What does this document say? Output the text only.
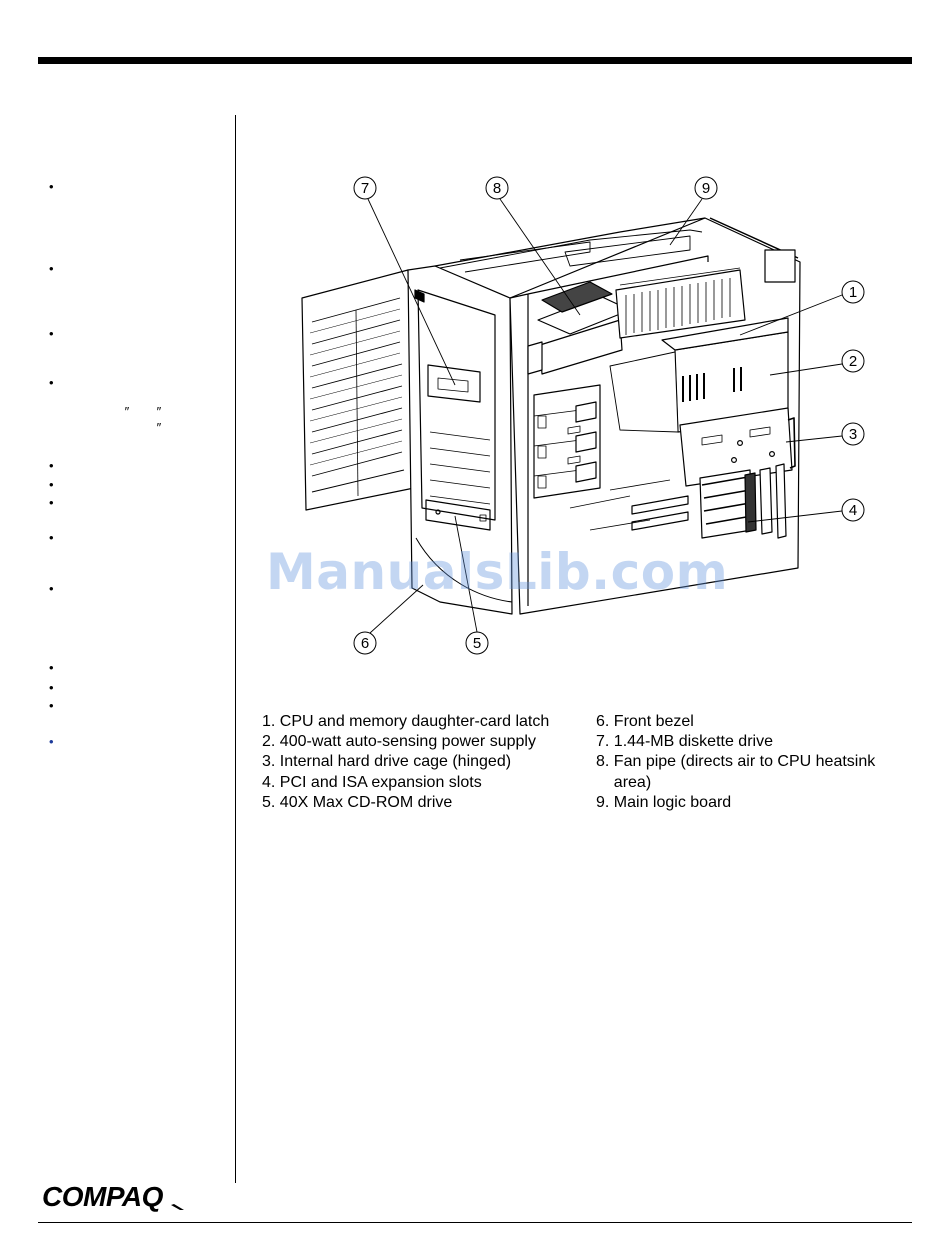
•
•
•
•
″ ″
″
•
•
•
•
•
•
•
•
•
7	8	9
1
2
3
4
6	5
ManualsLib.com
1.
CPU and memory daughter-card latch
2.
400-watt auto-sensing power supply
3.
Internal hard drive cage (hinged)
4.
PCI and ISA expansion slots
5.
40X Max CD-ROM drive
6.
Front bezel
7.
1.44-MB diskette drive
8.
Fan pipe (directs air to CPU heatsink area)
9.
Main logic board
COMPAQ
